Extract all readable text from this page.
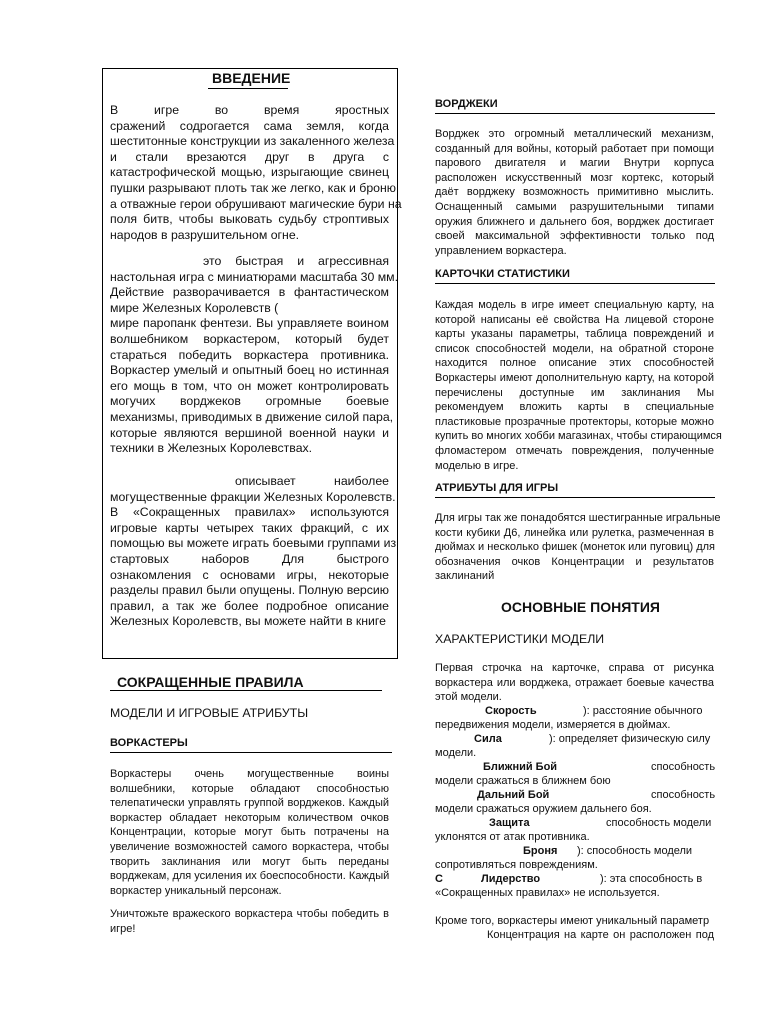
ВВЕДЕНИЕ
В игре во время яростных
сражений содрогается сама земля, когда
шеститонные конструкции из закаленного железа
и стали врезаются друг в друга с
катастрофической мощью, изрыгающие свинец
пушки разрывают плоть так же легко, как и броню
а отважные герои обрушивают магические бури на
поля битв, чтобы выковать судьбу строптивых
народов в разрушительном огне.
это быстрая и агрессивная
настольная игра с миниатюрами масштаба 30 мм.
Действие разворачивается в фантастическом
мире Железных Королевств (
мире паропанк фентези. Вы управляете воином
волшебником воркастером, который будет
стараться победить воркастера противника.
Воркастер умелый и опытный боец но истинная
его мощь в том, что он может контролировать
могучих ворджеков огромные боевые
механизмы, приводимых в движение силой пара,
которые являются вершиной военной науки и
техники в Железных Королевствах.
описывает наиболее
могущественные фракции Железных Королевств.
В «Сокращенных правилах» используются
игровые карты четырех таких фракций, с их
помощью вы можете играть боевыми группами из
стартовых наборов Для быстрого
ознакомления с основами игры, некоторые
разделы правил были опущены. Полную версию
правил, а так же более подробное описание
Железных Королевств, вы можете найти в книге
СОКРАЩЕННЫЕ ПРАВИЛА
МОДЕЛИ И ИГРОВЫЕ АТРИБУТЫ
ВОРКАСТЕРЫ
Воркастеры очень могущественные воины
волшебники, которые обладают способностью
телепатически управлять группой ворджеков. Каждый
воркастер обладает некоторым количеством очков
Концентрации, которые могут быть потрачены на
увеличение возможностей самого воркастера, чтобы
творить заклинания или могут быть переданы
ворджекам, для усиления их боеспособности. Каждый
воркастер уникальный персонаж.
Уничтожьте вражеского воркастера чтобы победить в
игре!
ВОРДЖЕКИ
Ворджек это огромный металлический механизм,
созданный для войны, который работает при помощи
парового двигателя и магии Внутри корпуса
расположен искусственный мозг кортекс, который
даёт ворджеку возможность примитивно мыслить.
Оснащенный самыми разрушительными типами
оружия ближнего и дальнего боя, ворджек достигает
своей максимальной эффективности только под
управлением воркастера.
КАРТОЧКИ СТАТИСТИКИ
Каждая модель в игре имеет специальную карту, на
которой написаны её свойства На лицевой стороне
карты указаны параметры, таблица повреждений и
список способностей модели, на обратной стороне
находится полное описание этих способностей
Воркастеры имеют дополнительную карту, на которой
перечислены доступные им заклинания Мы
рекомендуем вложить карты в специальные
пластиковые прозрачные протекторы, которые можно
купить во многих хобби магазинах, чтобы стирающимся
фломастером отмечать повреждения, полученные
моделью в игре.
АТРИБУТЫ ДЛЯ ИГРЫ
Для игры так же понадобятся шестигранные игральные
кости кубики Д6, линейка или рулетка, размеченная в
дюймах и несколько фишек (монеток или пуговиц) для
обозначения очков Концентрации и результатов
заклинаний
ОСНОВНЫЕ ПОНЯТИЯ
ХАРАКТЕРИСТИКИ МОДЕЛИ
Первая строчка на карточке, справа от рисунка
воркастера или ворджека, отражает боевые качества
этой модели.
Скорость	): расстояние обычного
передвижения модели, измеряется в дюймах.
Сила	): определяет физическую силу
модели.
Ближний Бой	способность
модели сражаться в ближнем бою
Дальний Бой	способность
модели сражаться оружием дальнего боя.
Защита	способность модели
уклонятся от атак противника.
Броня ): способность модели
сопротивляться повреждениям.
С	Лидерство	): эта способность в
«Сокращенных правилах» не используется.
Кроме того, воркастеры имеют уникальный параметр
Концентрация на карте он расположен под
